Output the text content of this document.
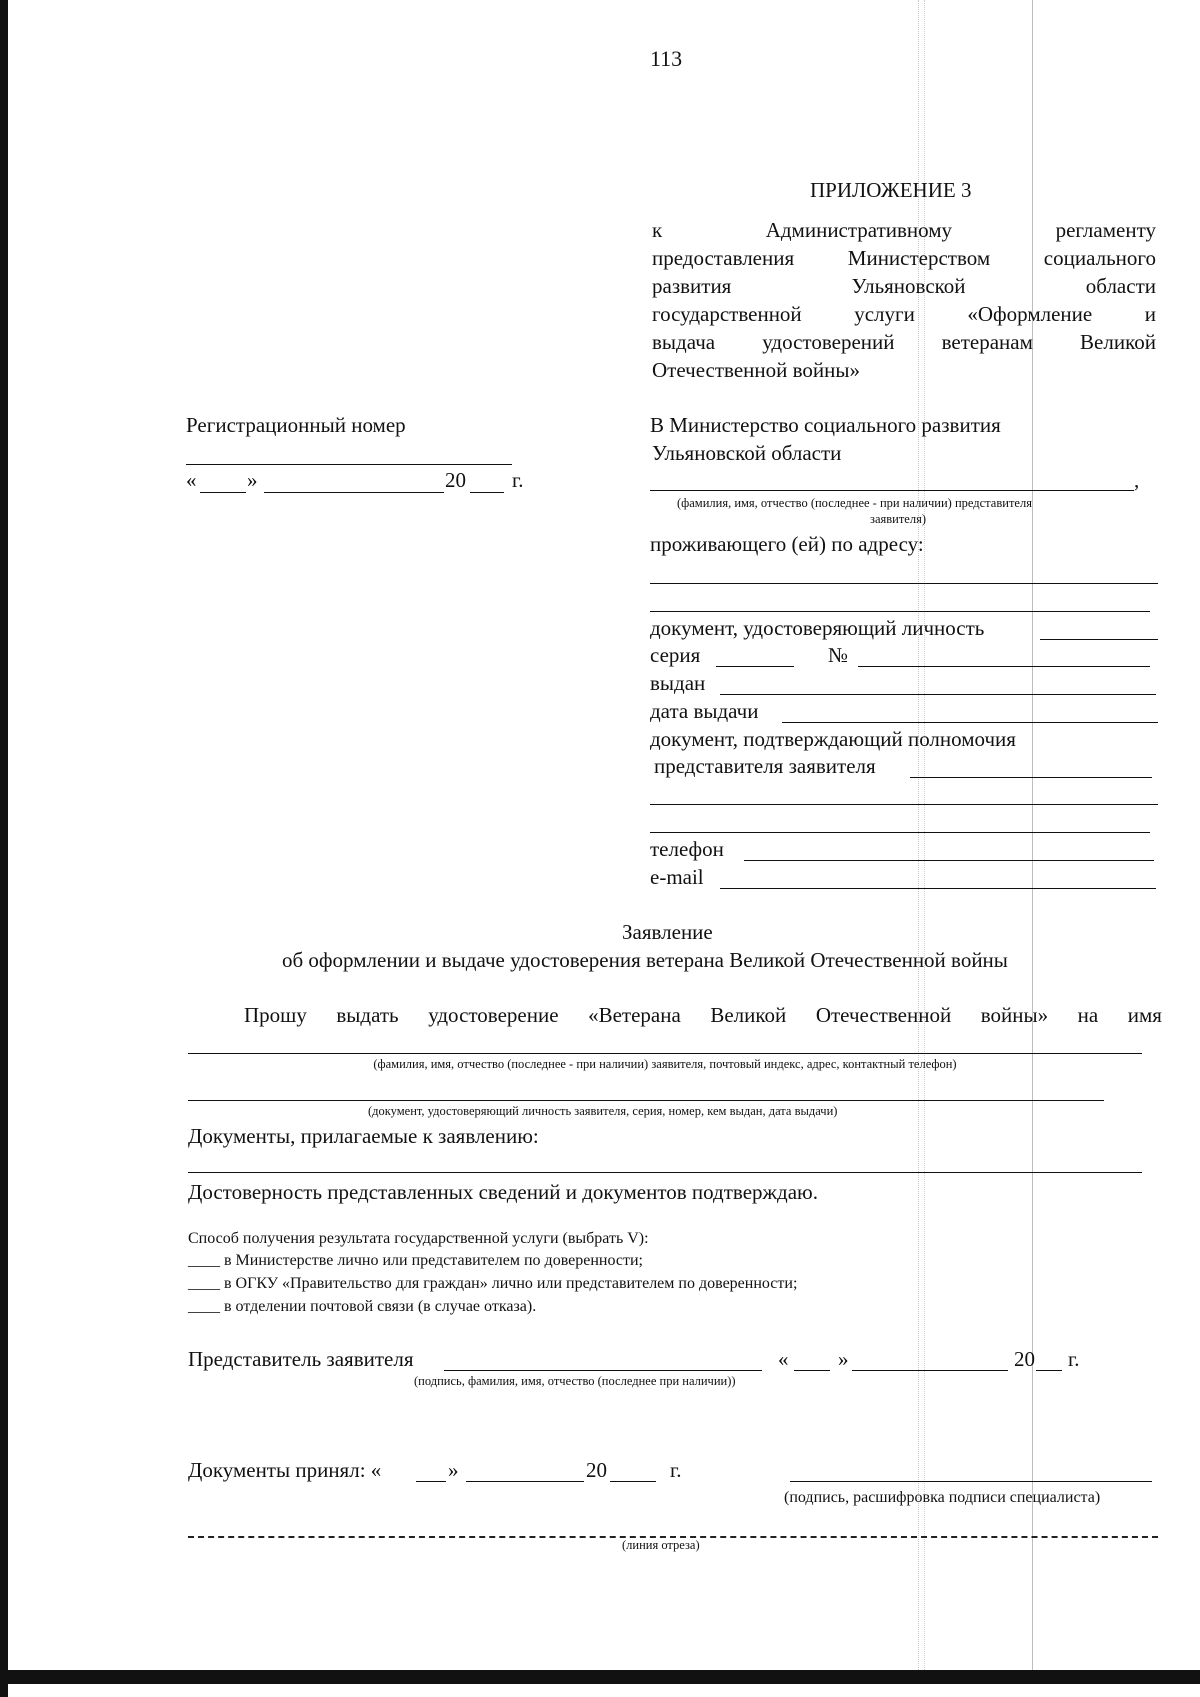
113
ПРИЛОЖЕНИЕ 3
к	Административному	регламенту
предоставления	Министерством	социального
развития	Ульяновской	области
государственной	услуги	«Оформление	и
выдача удостоверений ветеранам Великой
Отечественной войны»
Регистрационный номер
« »	20 г.
В Министерство социального развития
Ульяновской области
,
(фамилия, имя, отчество (последнее - при наличии) представителя
заявителя)
проживающего (ей) по адресу:
документ, удостоверяющий личность
серия	№
выдан
дата выдачи
документ, подтверждающий полномочия
представителя заявителя
телефон
e-mail
Заявление
об оформлении и выдаче удостоверения ветерана Великой Отечественной войны
Прошу выдать удостоверение «Ветерана Великой Отечественной войны» на имя
(фамилия, имя, отчество (последнее - при наличии) заявителя, почтовый индекс, адрес, контактный телефон)
(документ, удостоверяющий личность заявителя, серия, номер, кем выдан, дата выдачи)
Документы, прилагаемые к заявлению:
Достоверность представленных сведений и документов подтверждаю.
Способ получения результата государственной услуги (выбрать V):
____ в Министерстве лично или представителем по доверенности;
____ в ОГКУ «Правительство для граждан» лично или представителем по доверенности;
____ в отделении почтовой связи (в случае отказа).
Представитель заявителя	« »	20 г.
(подпись, фамилия, имя, отчество (последнее при наличии))
Документы принял: «	»	20	г.
(подпись, расшифровка подписи специалиста)
(линия отреза)
